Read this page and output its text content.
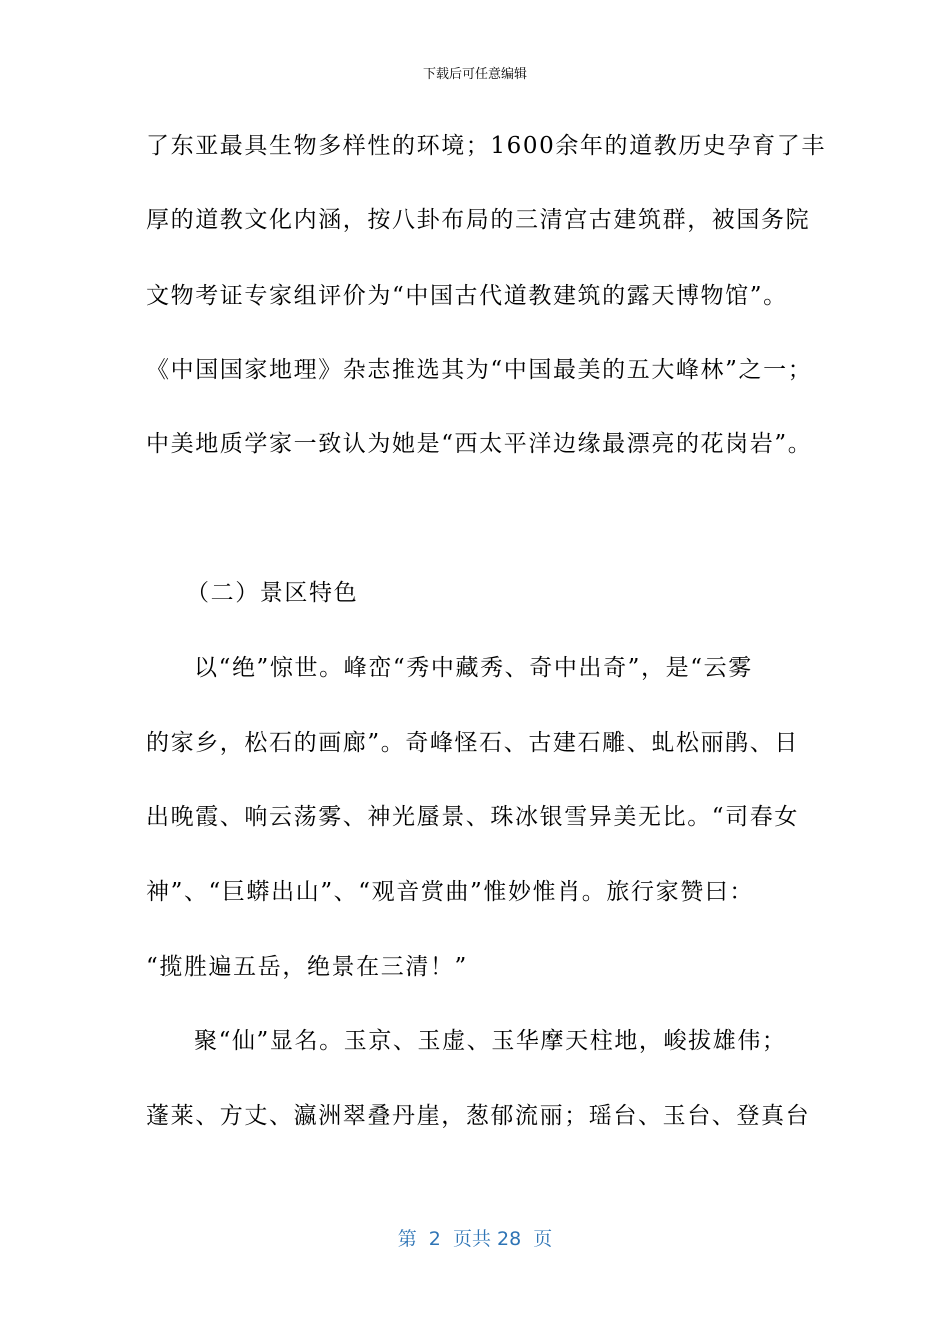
下载后可任意编辑
了东亚最具生物多样性的环境；1600余年的道教历史孕育了丰
厚的道教文化内涵，按八卦布局的三清宫古建筑群，被国务院
文物考证专家组评价为“中国古代道教建筑的露天博物馆”。
《中国国家地理》杂志推选其为“中国最美的五大峰林”之一；
中美地质学家一致认为她是“西太平洋边缘最漂亮的花岗岩”。
（二）景区特色
以“绝”惊世。峰峦“秀中藏秀、奇中出奇”，是“云雾
的家乡，松石的画廊”。奇峰怪石、古建石雕、虬松丽鹃、日
出晚霞、响云荡雾、神光蜃景、珠冰银雪异美无比。“司春女
神”、“巨蟒出山”、“观音赏曲”惟妙惟肖。旅行家赞曰：
“揽胜遍五岳，绝景在三清！”
聚“仙”显名。玉京、玉虚、玉华摩天柱地，峻拔雄伟；
蓬莱、方丈、瀛洲翠叠丹崖，葱郁流丽；瑶台、玉台、登真台
第  2  页共 28  页
